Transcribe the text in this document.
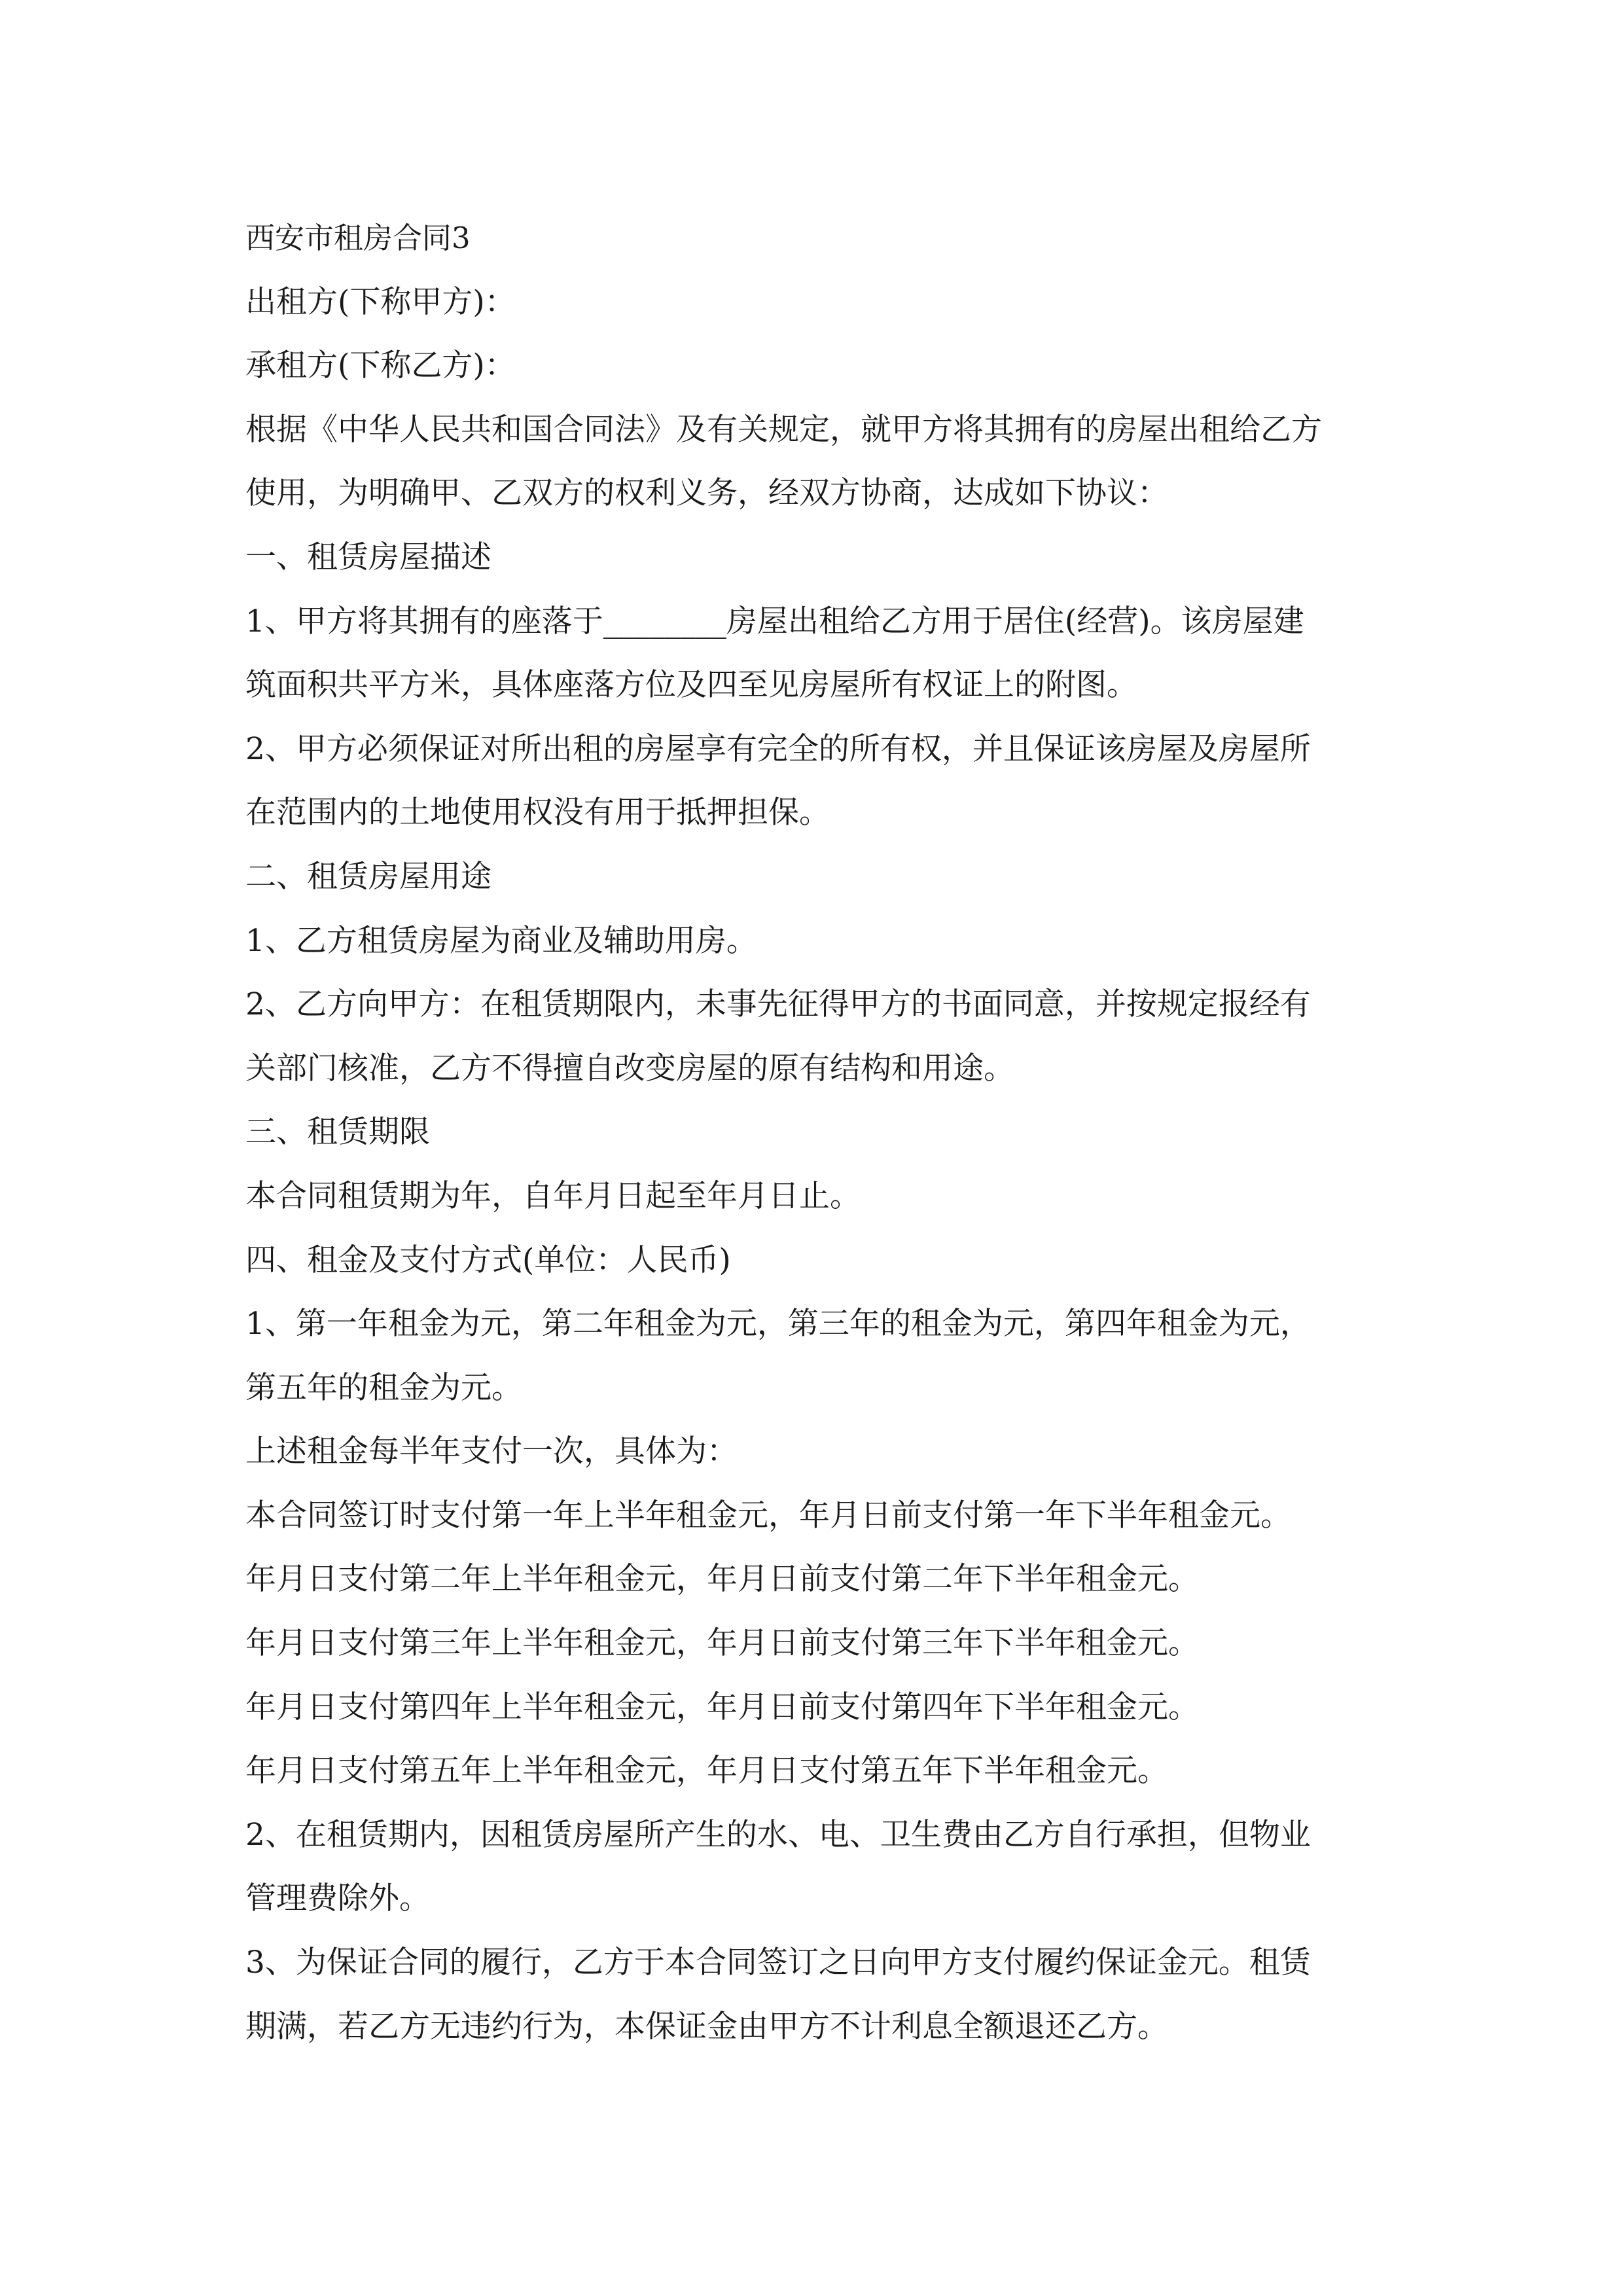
西安市租房合同3
出租方(下称甲方)：
承租方(下称乙方)：
根据《中华人民共和国合同法》及有关规定，就甲方将其拥有的房屋出租给乙方
使用，为明确甲、乙双方的权利义务，经双方协商，达成如下协议：
一、租赁房屋描述
1、甲方将其拥有的座落于________房屋出租给乙方用于居住(经营)。该房屋建
筑面积共平方米，具体座落方位及四至见房屋所有权证上的附图。
2、甲方必须保证对所出租的房屋享有完全的所有权，并且保证该房屋及房屋所
在范围内的土地使用权没有用于抵押担保。
二、租赁房屋用途
1、乙方租赁房屋为商业及辅助用房。
2、乙方向甲方：在租赁期限内，未事先征得甲方的书面同意，并按规定报经有
关部门核准，乙方不得擅自改变房屋的原有结构和用途。
三、租赁期限
本合同租赁期为年，自年月日起至年月日止。
四、租金及支付方式(单位：人民币)
1、第一年租金为元，第二年租金为元，第三年的租金为元，第四年租金为元，
第五年的租金为元。
上述租金每半年支付一次，具体为：
本合同签订时支付第一年上半年租金元，年月日前支付第一年下半年租金元。
年月日支付第二年上半年租金元，年月日前支付第二年下半年租金元。
年月日支付第三年上半年租金元，年月日前支付第三年下半年租金元。
年月日支付第四年上半年租金元，年月日前支付第四年下半年租金元。
年月日支付第五年上半年租金元，年月日支付第五年下半年租金元。
2、在租赁期内，因租赁房屋所产生的水、电、卫生费由乙方自行承担，但物业
管理费除外。
3、为保证合同的履行，乙方于本合同签订之日向甲方支付履约保证金元。租赁
期满，若乙方无违约行为，本保证金由甲方不计利息全额退还乙方。
